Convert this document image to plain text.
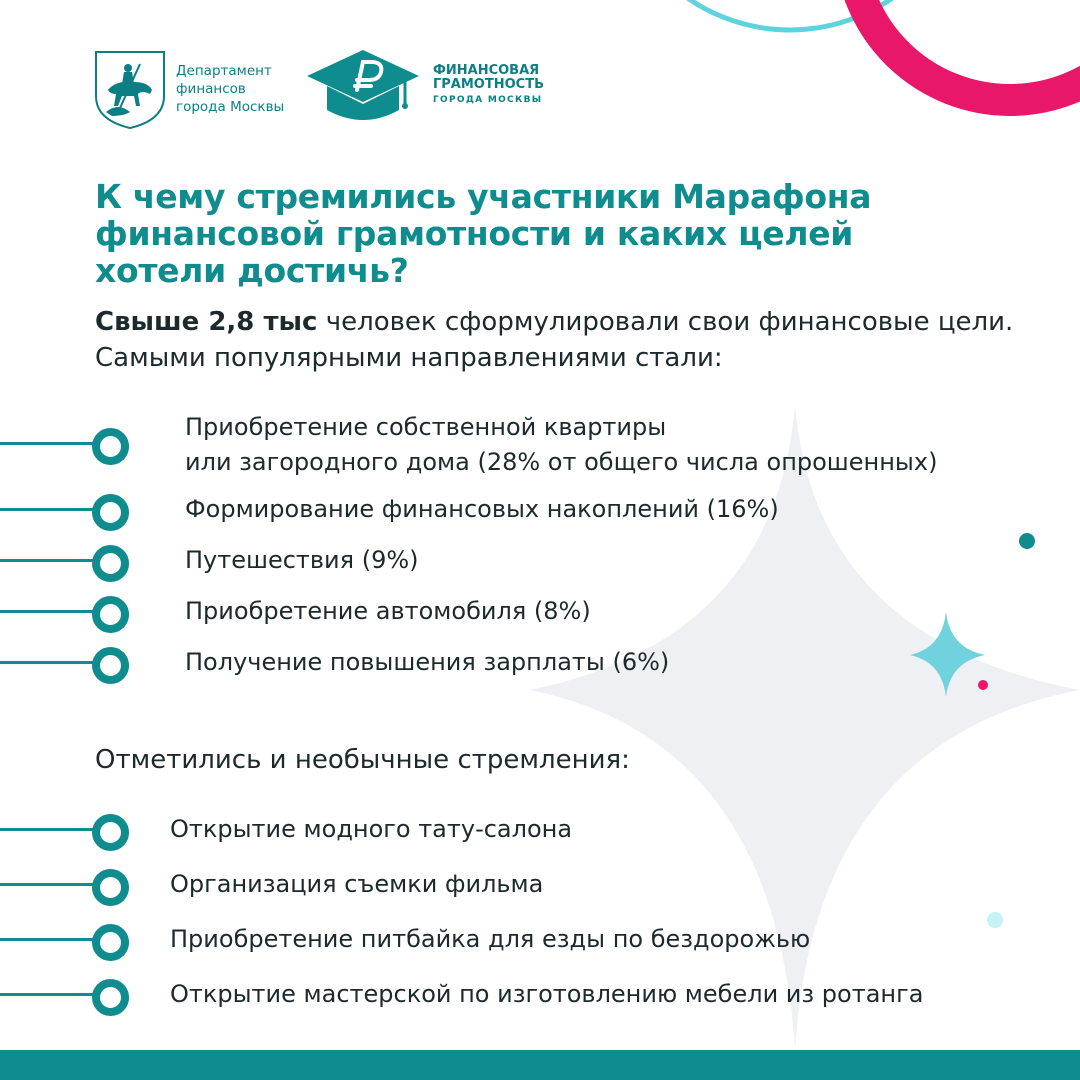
Департамент
финансов
города Москвы
ФИНАНСОВАЯ
ГРАМОТНОСТЬ
ГОРОДА МОСКВЫ
К чему стремились участники Марафона финансовой грамотности и каких целей хотели достичь?

Свыше 2,8 тыс человек сформулировали свои финансовые цели. Самыми популярными направлениями стали:

Приобретение собственной квартиры
или загородного дома (28% от общего числа опрошенных)
Формирование финансовых накоплений (16%)
Путешествия (9%)
Приобретение автомобиля (8%)
Получение повышения зарплаты (6%)
Отметились и необычные стремления:
Открытие модного тату-салона
Организация съемки фильма
Приобретение питбайка для езды по бездорожью
Открытие мастерской по изготовлению мебели из ротанга
